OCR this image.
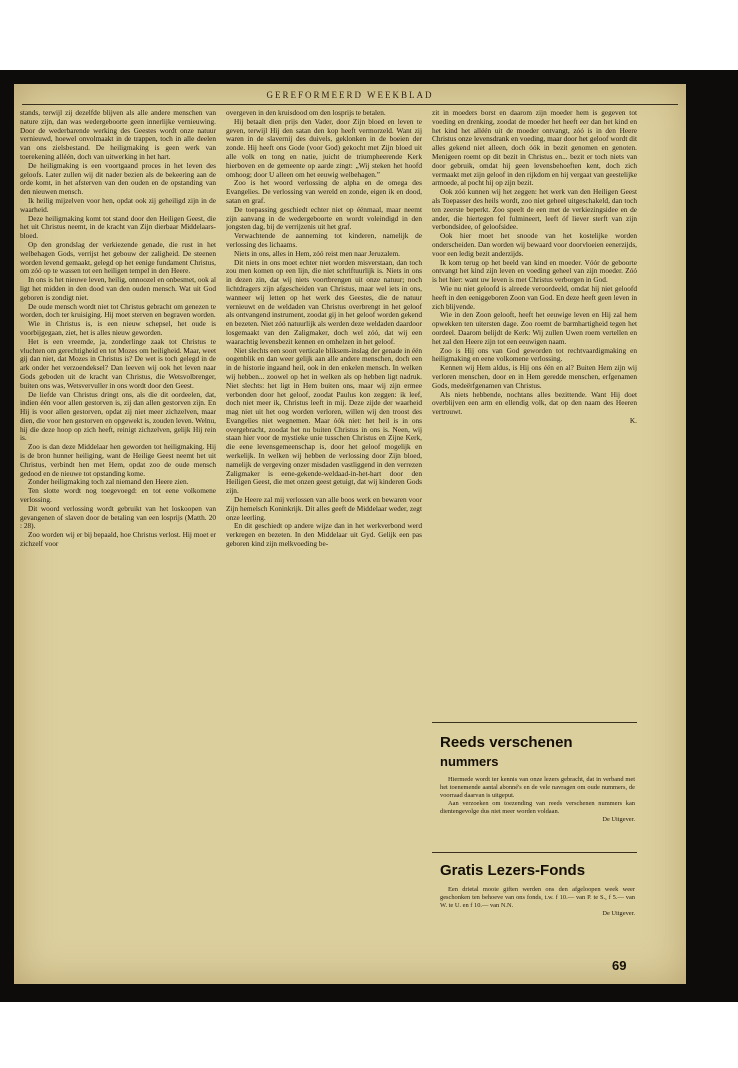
GEREFORMEERD WEEKBLAD

stands, terwijl zij dezelfde blijven als alle andere menschen van nature zijn, dan was wedergeboorte geen innerlijke vernieuwing. Door de wederbarende werking des Geestes wordt onze natuur vernieuwd, hoewel onvolmaakt in de trappen, toch in alle deelen van ons zielsbestand. De heiligmaking is geen werk van toerekening alléén, doch van uitwerking in het hart.

De heiligmaking is een voortgaand proces in het leven des geloofs. Later zullen wij dit nader bezien als de bekeering aan de orde komt, in het afsterven van den ouden en de opstanding van den nieuwen mensch.

Ik heilig mijzelven voor hen, opdat ook zij geheiligd zijn in de waarheid.

Deze heiligmaking komt tot stand door den Heiligen Geest, die het uit Christus neemt, in de kracht van Zijn dierbaar Middelaars-bloed.

Op den grondslag der verkiezende genade, die rust in het welbehagen Gods, verrijst het gebouw der zaligheid. De steenen worden levend gemaakt, gelegd op het eenige fundament Christus, om zóó op te wassen tot een heiligen tempel in den Heere.

In ons is het nieuwe leven, heilig, onnoozel en onbesmet, ook al ligt het midden in den dood van den ouden mensch. Wat uit God geboren is zondigt niet.

De oude mensch wordt niet tot Christus gebracht om genezen te worden, doch ter kruisiging. Hij moet sterven en begraven worden.

Wie in Christus is, is een nieuw schepsel, het oude is voorbijgegaan, ziet, het is alles nieuw geworden.

Het is een vreemde, ja, zonderlinge zaak tot Christus te vluchten om gerechtigheid en tot Mozes om heiligheid. Maar, weet gij dan niet, dat Mozes in Christus is? De wet is toch gelegd in de ark onder het verzoendeksel? Dan leeven wij ook het leven naar Gods geboden uit de kracht van Christus, die Wetsvolbrenger, buiten ons was, Wetsvervuller in ons wordt door den Geest.

De liefde van Christus dringt ons, als die dit oordeelen, dat, indien één voor allen gestorven is, zij dan allen gestorven zijn. En Hij is voor allen gestorven, opdat zij niet meer zichzelven, maar dien, die voor hen gestorven en opgewekt is, zouden leven. Welnu, hij die deze hoop op zich heeft, reinigt zichzelven, gelijk Hij rein is.

Zoo is dan deze Middelaar hen geworden tot heiligmaking. Hij is de bron hunner heiliging, want de Heilige Geest neemt het uit Christus, verbindt hen met Hem, opdat zoo de oude mensch gedood en de nieuwe tot opstanding kome.

Zonder heiligmaking toch zal niemand den Heere zien.

Ten slotte wordt nog toegevoegd: en tot eene volkomene verlossing.

Dit woord verlossing wordt gebruikt van het loskoopen van gevangenen of slaven door de betaling van een losprijs (Matth. 20 : 28).

Zoo worden wij er bij bepaald, hoe Christus verlost. Hij moet er zichzelf voor

overgeven in den kruisdood om den losprijs te betalen.

Hij betaalt dien prijs den Vader, door Zijn bloed en leven te geven, terwijl Hij den satan den kop heeft vermorzeld. Want zij waren in de slavernij des duivels, geklonken in de boeien der zonde. Hij heeft ons Gode (voor God) gekocht met Zijn bloed uit alle volk en tong en natie, juicht de triumpheerende Kerk hierboven en de gemeente op aarde zingt: „Wij steken het hoofd omhoog; door U alleen om het eeuwig welbehagen.”

Zoo is het woord verlossing de alpha en de omega des Evangelies. De verlossing van wereld en zonde, eigen ik en dood, satan en graf.

De toepassing geschiedt echter niet op éénmaal, maar neemt zijn aanvang in de wedergeboorte en wordt voleindigd in den jongsten dag, bij de verrijzenis uit het graf.

Verwachtende de aanneming tot kinderen, namelijk de verlossing des lichaams.

Niets in ons, alles in Hem, zóó reist men naar Jeruzalem.

Dit niets in ons moet echter niet worden misverstaan, dan toch zou men komen op een lijn, die niet schriftuurlijk is. Niets in ons in dezen zin, dat wij niets voortbrengen uit onze natuur; noch lichtdragers zijn afgescheiden van Christus, maar wel iets in ons, wanneer wij letten op het werk des Geestes, die de natuur vernieuwt en de weldaden van Christus overbrengt in het geloof als ontvangend instrument, zoodat gij in het geloof worden gekend en bezeten. Niet zóó natuurlijk als werden deze weldaden daardoor losgemaakt van den Zaligmaker, doch wel zóó, dat wij een waarachtig levensbezit kennen en omhelzen in het geloof.

Niet slechts een soort verticale bliksem-inslag der genade in één oogenblik en dan weer gelijk aan alle andere menschen, doch een in de historie ingaand heil, ook in den enkelen mensch. In welken wij hebben... zoowel op het in welken als op hebben ligt nadruk. Niet slechts: het ligt in Hem buiten ons, maar wij zijn ermee verbonden door het geloof, zoodat Paulus kon zeggen: ik leef, doch niet meer ik, Christus leeft in mij. Deze zijde der waarheid mag niet uit het oog worden verloren, willen wij den troost des Evangelies niet wegnemen. Maar óók niet: het heil is in ons overgebracht, zoodat het nu buiten Christus in ons is. Neen, wij staan hier voor de mystieke unie tusschen Christus en Zijne Kerk, die eene levensgemeenschap is, door het geloof mogelijk en werkelijk. In welken wij hebben de verlossing door Zijn bloed, namelijk de vergeving onzer misdaden vastliggend in den verrezen Zaligmaker is eene-gekende-weldaad-in-het-hart door den Heiligen Geest, die met onzen geest getuigt, dat wij kinderen Gods zijn.

De Heere zal mij verlossen van alle boos werk en bewaren voor Zijn hemelsch Koninkrijk. Dit alles geeft de Middelaar weder, zegt onze leerling.

En dit geschiedt op andere wijze dan in het werkverbond werd verkregen en bezeten. In den Middelaar uit Gyd. Gelijk een pas geboren kind zijn melkvoeding be-

zit in moeders borst en daarom zijn moeder hem is gegeven tot voeding en drenking, zoodat de moeder het heeft eer dan het kind en het kind het alléén uit de moeder ontvangt, zóó is in den Heere Christus onze levensdrank en voeding, maar door het geloof wordt dit alles gekend niet alleen, doch óók in bezit genomen en genoten. Menigeen roemt op dit bezit in Christus en... bezit er toch niets van door gebruik, omdat hij geen levensbehoeften kent, doch zich vermaakt met zijn geloof in den rijkdom en hij vergaat van geestelijke armoede, al pocht hij op zijn bezit.

Ook zóó kunnen wij het zeggen: het werk van den Heiligen Geest als Toepasser des heils wordt, zoo niet geheel uitgeschakeld, dan toch ten zeerste beperkt. Zoo speelt de een met de verkiezingsidee en de ander, die hiertegen fel fulmineert, leeft óf liever sterft van zijn verbondsidee, of geloofsidee.

Ook hier moet het snoode van het kostelijke worden onderscheiden. Dan worden wij bewaard voor doorvloeien eenerzijds, voor een ledig bezit anderzijds.

Ik kom terug op het beeld van kind en moeder. Vóór de geboorte ontvangt het kind zijn leven en voeding geheel van zijn moeder. Zóó is het hier: want uw leven is met Christus verborgen in God.

Wie nu niet geloofd is alreede veroordeeld, omdat hij niet geloofd heeft in den eeniggeboren Zoon van God. En deze heeft geen leven in zich blijvende.

Wie in den Zoon gelooft, heeft het eeuwige leven en Hij zal hem opwekken ten uitersten dage. Zoo roemt de barmhartigheid tegen het oordeel. Daarom belijdt de Kerk: Wij zullen Uwen roem vertellen en het zal den Heere zijn tot een eeuwigen naam.

Zoo is Hij ons van God geworden tot rechtvaardigmaking en heiligmaking en eene volkomene verlossing.

Kennen wij Hem aldus, is Hij ons één en al? Buiten Hem zijn wij verloren menschen, door en in Hem geredde menschen, erfgenamen Gods, medeërfgenamen van Christus.

Als niets hebbende, nochtans alles bezittende. Want Hij doet overblijven een arm en ellendig volk, dat op den naam des Heeren vertrouwt.

K.

Reeds verschenen
nummers

Hiermede wordt ter kennis van onze lezers gebracht, dat in verband met het toenemende aantal abonné's en de vele navragen om oude nummers, de voorraad daarvan is uitgeput.

Aan verzoeken om toezending van reeds verschenen nummers kan dientengevolge dus niet meer worden voldaan.

De Uitgever.

Gratis Lezers-Fonds

Een drietal mooie giften werden ons den afgeloopen week weer geschonken ten behoeve van ons fonds, t.w. f 10.— van P. te S., f 5.— van W. te U. en f 10.— van N.N.

De Uitgever.

69
